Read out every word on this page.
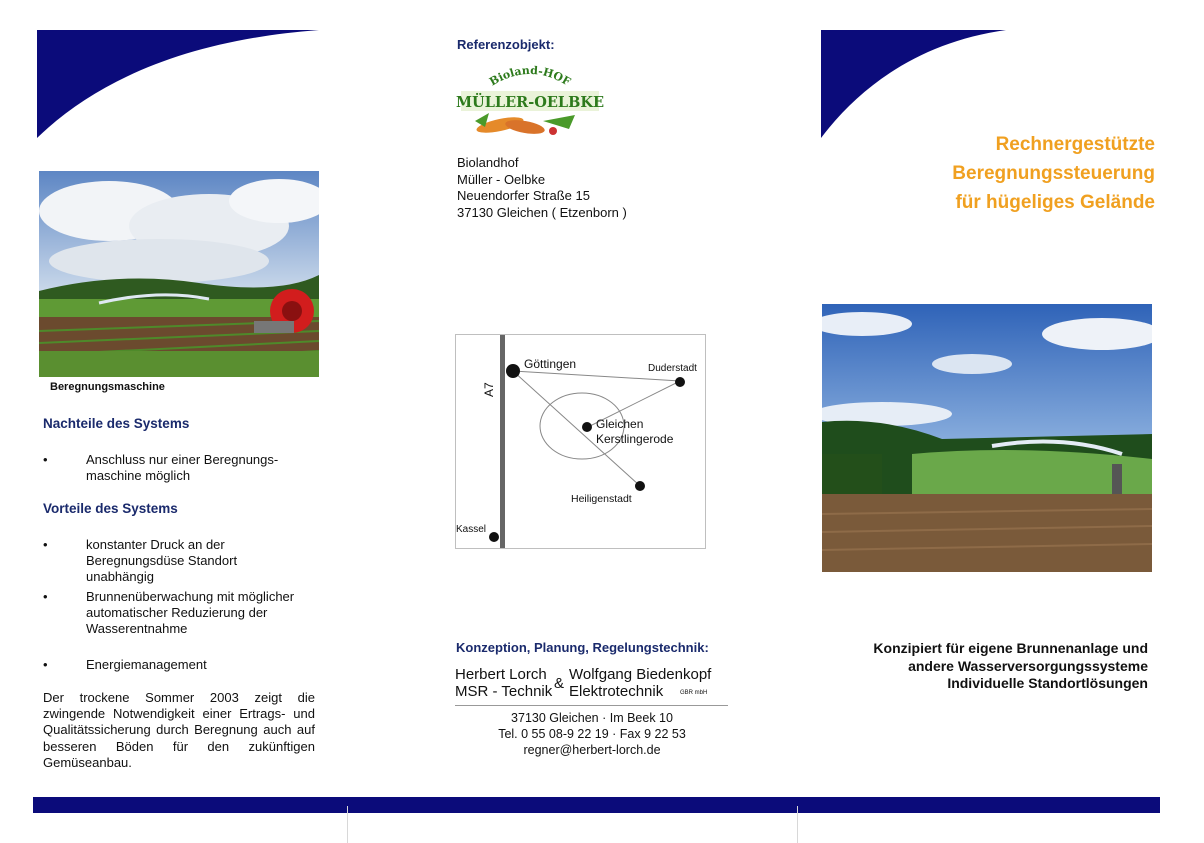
Beregnungsmaschine
Nachteile des Systems
•	Anschluss nur einer Beregnungs- maschine möglich
Vorteile des Systems
•	konstanter Druck an der Beregnungsdüse Standort unabhängig
•	Brunnenüberwachung mit möglicher automatischer Reduzierung der Wasserentnahme
•	Energiemanagement
Der trockene Sommer 2003 zeigt die zwingende Notwendigkeit einer Ertrags- und Qualitätssicherung durch Beregnung auch auf besseren Böden für den zukünftigen Gemüseanbau.
Referenzobjekt:
Bioland-HOF
MÜLLER-OELBKE
Biolandhof
Müller - Oelbke
Neuendorfer Straße 15
37130 Gleichen ( Etzenborn )
A7
Göttingen	Duderstadt
Gleichen
Kerstlingerode
Heiligenstadt
Kassel
Konzeption, Planung, Regelungstechnik:
Herbert Lorch
MSR - Technik &
Wolfgang Biedenkopf
Elektrotechnik	GBR mbH
37130 Gleichen · Im Beek 10
Tel. 0 55 08-9 22 19 · Fax 9 22 53
regner@herbert-lorch.de
Rechnergestützte
Beregnungssteuerung
für hügeliges Gelände
Konzipiert für eigene Brunnenanlage und
andere Wasserversorgungssysteme
Individuelle Standortlösungen
